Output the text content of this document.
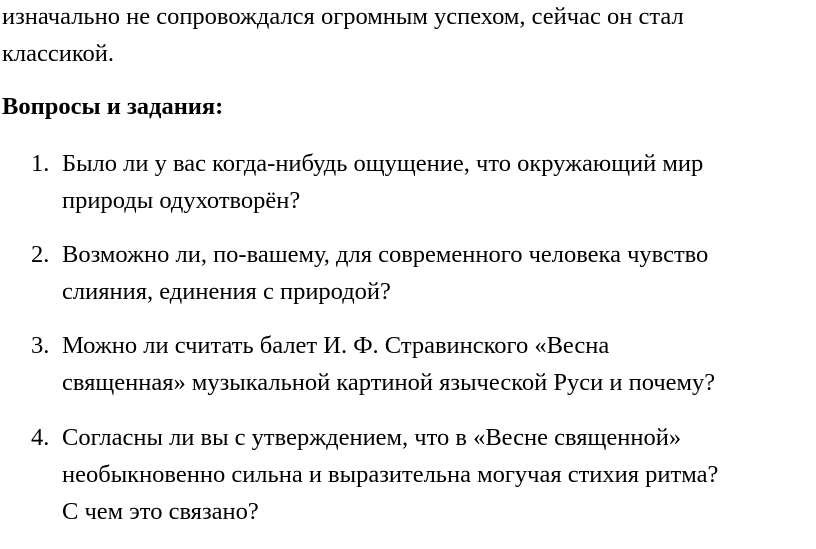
изначально не сопровождался огромным успехом, сейчас он стал

классикой.

Вопросы и задания:

1. Было ли у вас когда-нибудь ощущение, что окружающий мир

природы одухотворён?

2. Возможно ли, по-вашему, для современного человека чувство

слияния, единения с природой?

3. Можно ли считать балет И. Ф. Стравинского «Весна

священная» музыкальной картиной языческой Руси и почему?

4. Согласны ли вы с утверждением, что в «Весне священной»

необыкновенно сильна и выразительна могучая стихия ритма?

С чем это связано?
